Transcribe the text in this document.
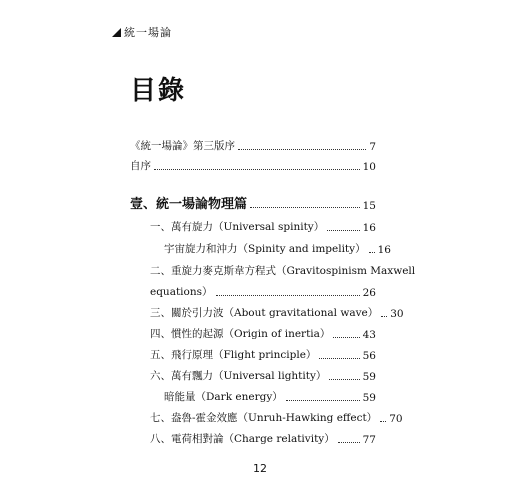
統一場論
目錄
《統一場論》第三版序	7
自序	10
壹、統一場論物理篇	15
一、萬有旋力（Universal spinity）	16
宇宙旋力和沖力（Spinity and impelity） 16
二、重旋力麥克斯韋方程式（Gravitospinism Maxwell
equations）	26
三、關於引力波（About gravitational wave） 30
四、慣性的起源（Origin of inertia）	43
五、飛行原理（Flight principle）	56
六、萬有飄力（Universal lightity）	59
暗能量（Dark energy）	59
七、盎魯-霍金效應（Unruh-Hawking effect） 70
八、電荷相對論（Charge relativity）	77
12
